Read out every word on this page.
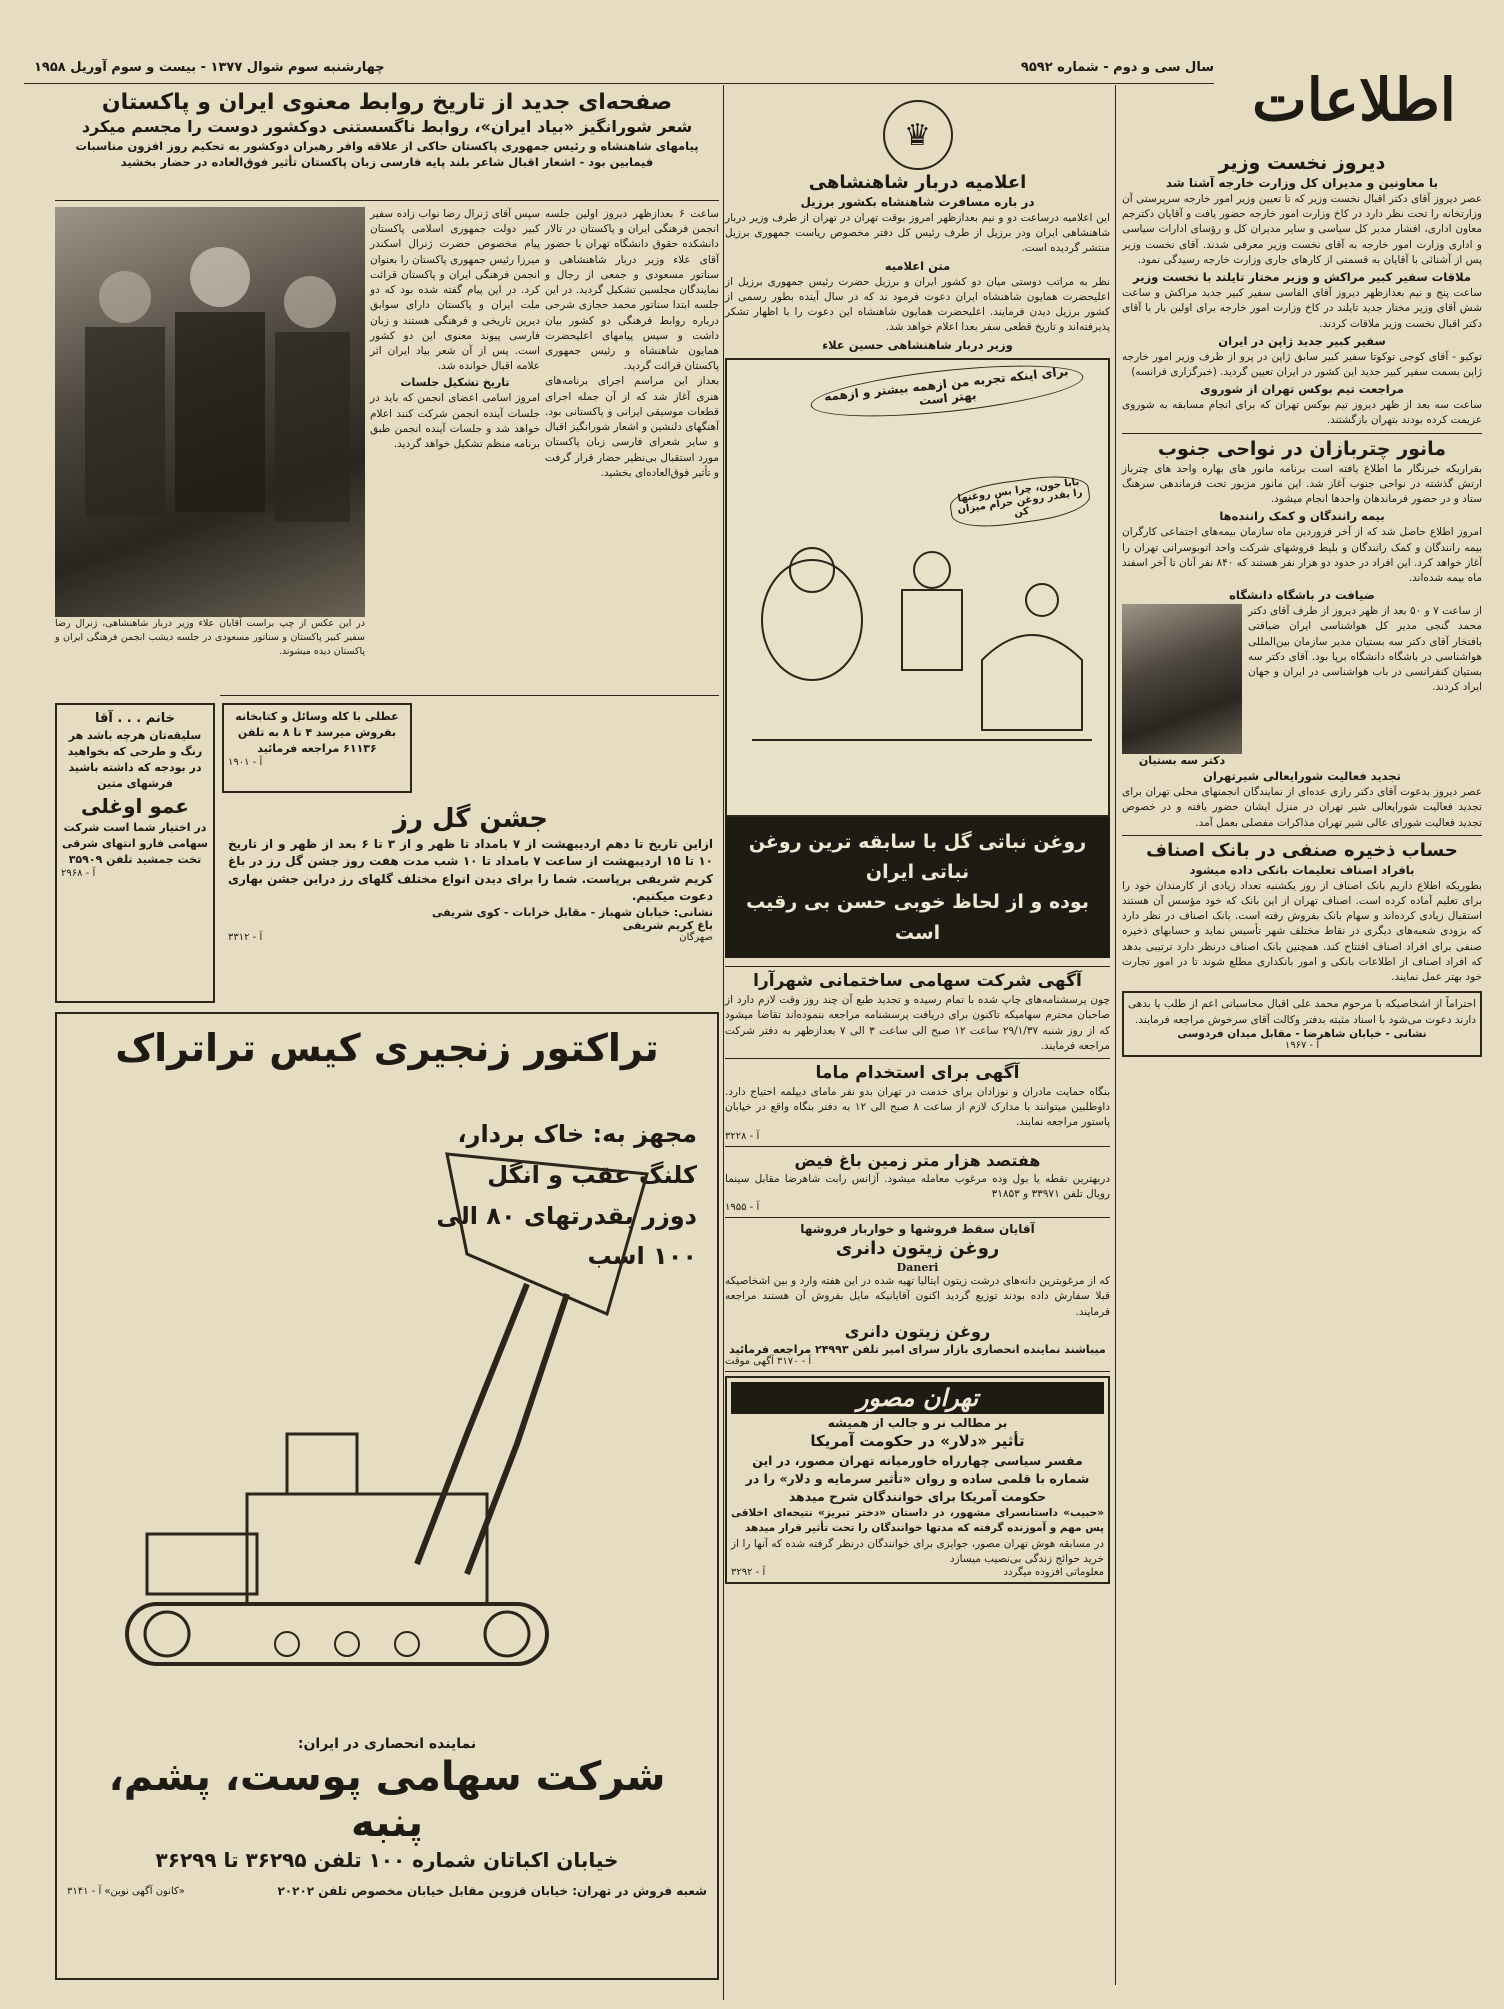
اطلاعات
سال سی و دوم - شماره ۹۵۹۲
چهارشنبه سوم شوال ۱۳۷۷ - بیست و سوم آوریل ۱۹۵۸
دیروز نخست وزیر
با معاونین و مدیران کل وزارت خارجه آشنا شد

عصر دیروز آقای دکتر اقبال نخست وزیر که تا تعیین وزیر امور خارجه سرپرستی آن وزارتخانه را تحت نظر دارد در کاخ وزارت امور خارجه حضور یافت و آقایان دکترجم معاون اداری، افشار مدیر کل سیاسی و سایر مدیران کل و رؤسای ادارات سیاسی و اداری وزارت امور خارجه به آقای نخست وزیر معرفی شدند. آقای نخست وزیر پس از آشنائی با آقایان به قسمتی از کارهای جاری وزارت خارجه رسیدگی نمود.

ملاقات سفیر کبیر مراکش و وزیر مختار تایلند با نخست وزیر

ساعت پنج و نیم بعدازظهر دیروز آقای الفاسی سفیر کبیر جدید مراکش و ساعت شش آقای وزیر مختار جدید تایلند در کاخ وزارت امور خارجه برای اولین بار با آقای دکتر اقبال نخست وزیر ملاقات کردند.

سفیر کبیر جدید ژاپن در ایران

توکیو - آقای کوجی توکوتا سفیر کبیر سابق ژاپن در پرو از طرف وزیر امور خارجه ژاپن بسمت سفیر کبیر جدید این کشور در ایران تعیین گردید. (خبرگزاری فرانسه)

مراجعت تیم بوکس تهران از شوروی

ساعت سه بعد از ظهر دیروز تیم بوکس تهران که برای انجام مسابقه به شوروی عزیمت کرده بودند بتهران بازگشتند.

مانور چتربازان در نواحی جنوب

بقراریکه خبرنگار ما اطلاع یافته است برنامه مانور های بهاره واحد های چترباز ارتش گذشته در نواحی جنوب آغاز شد. این مانور مزبور تحت فرماندهی سرهنگ ستاد و در حضور فرماندهان واحدها انجام میشود.

بیمه رانندگان و کمک راننده‌ها

امروز اطلاع حاصل شد که از آخر فروردین ماه سازمان بیمه‌های اجتماعی کارگران بیمه رانندگان و کمک رانندگان و بلیط فروشهای شرکت واحد اتوبوسرانی تهران را آغاز خواهد کرد. این افراد در حدود دو هزار نفر هستند که ۸۴۰ نفر آنان تا آخر اسفند ماه بیمه شده‌اند.

ضیافت در باشگاه دانشگاه

از ساعت ۷ و ۵۰ بعد از ظهر دیروز از طرف آقای دکتر محمد گنجی مدیر کل هواشناسی ایران ضیافتی بافتخار آقای دکتر سه بستیان مدیر سازمان بین‌المللی هواشناسی در باشگاه دانشگاه برپا بود. آقای دکتر سه بستیان کنفرانسی در باب هواشناسی در ایران و جهان ایراد کردند.

دکتر سه بستیان
تجدید فعالیت شورایعالی شیرتهران

عصر دیروز بدعوت آقای دکتر رازی عده‌ای از نمایندگان انجمنهای محلی تهران برای تجدید فعالیت شورایعالی شیر تهران در منزل ایشان حضور یافته و در خصوص تجدید فعالیت شورای عالی شیر تهران مذاکرات مفصلی بعمل آمد.

حساب ذخیره صنفی در بانک اصناف
بافراد اصناف تعلیمات بانکی داده میشود

بطوریکه اطلاع داریم بانک اصناف از روز یکشنبه تعداد زیادی از کارمندان خود را برای تعلیم آماده کرده است. اصناف تهران از این بانک که خود مؤسس آن هستند استقبال زیادی کرده‌اند و سهام بانک بفروش رفته است. بانک اصناف در نظر دارد که بزودی شعبه‌های دیگری در نقاط مختلف شهر تأسیس نماید و حسابهای ذخیره صنفی برای افراد اصناف افتتاح کند. همچنین بانک اصناف درنظر دارد ترتیبی بدهد که افراد اصناف از اطلاعات بانکی و امور بانکداری مطلع شوند تا در امور تجارت خود بهتر عمل نمایند.

احتراماً از اشخاصیکه با مرحوم محمد علی اقبال محاسباتی اعم از طلب یا بدهی دارند دعوت می‌شود با اسناد مثبته بدفتر وکالت آقای سرخوش مراجعه فرمایند.

نشانی - خیابان شاهرضا - مقابل میدان فردوسی
آ - ۱۹۶۷
♛
اعلامیه دربار شاهنشاهی
در باره مسافرت شاهنشاه بکشور برزیل

این اعلامیه درساعت دو و نیم بعدازظهر امروز بوقت تهران در تهران از طرف وزیر دربار شاهنشاهی ایران ودر برزیل از طرف رئیس کل دفتر مخصوص ریاست جمهوری برزیل منتشر گردیده است.

متن اعلامیه

نظر به مراتب دوستی میان دو کشور ایران و برزیل حضرت رئیس جمهوری برزیل از اعلیحضرت همایون شاهنشاه ایران دعوت فرمود ند که در سال آینده بطور رسمی از کشور برزیل دیدن فرمایند. اعلیحضرت همایون شاهنشاه این دعوت را با اظهار تشکر پذیرفته‌اند و تاریخ قطعی سفر بعدا اعلام خواهد شد.

وزیر دربار شاهنشاهی حسین علاء
برای اینکه تجربه من ازهمه بیشتر و ازهمه بهتر است
بابا جون، چرا بس روغنها را بقدر روغن حرام میزان کن
روغن نباتی گل با سابقه ترین روغن نباتی ایران
بوده و از لحاظ خوبی حسن بی رقیب است
آگهی شرکت سهامی ساختمانی شهرآرا

چون پرسشنامه‌های چاپ شده با تمام رسیده و تجدید طبع آن چند روز وقت لازم دارد از صاحبان محترم سهامیکه تاکنون برای دریافت پرسشنامه مراجعه ننموده‌اند تقاضا میشود که از روز شنبه ۲۹/۱/۳۷ ساعت ۱۲ صبح الی ساعت ۳ الی ۷ بعدازظهر به دفتر شرکت مراجعه فرمایند.

آگهی برای استخدام ماما

بنگاه حمایت مادران و نوزادان برای خدمت در تهران بدو نفر مامای دیپلمه احتیاج دارد. داوطلبین میتوانند با مدارک لازم از ساعت ۸ صبح الی ۱۲ به دفتر بنگاه واقع در خیابان پاستور مراجعه نمایند.

آ - ۳۲۲۸
هفتصد هزار متر زمین باغ فیض

دربهترین نقطه یا بول وده مرغوب معامله میشود. آژانس رابت شاهرضا مقابل سینما رویال تلفن ۳۳۹۷۱ و ۳۱۸۵۳

آ - ۱۹۵۵
آقایان سقط فروشها و خواربار فروشها
روغن زیتون دانری
Daneri

که از مرغوبترین دانه‌های درشت زیتون ایتالیا تهیه شده در این هفته وارد و بین اشخاصیکه قبلا سفارش داده بودند توزیع گردید اکنون آقایانیکه مایل بفروش آن هستند مراجعه فرمایند.

روغن زیتون دانری
میباشند نماینده انحصاری بازار سرای امیر تلفن ۲۴۹۹۳ مراجعه فرمائید
آ - ۳۱۷۰ آگهی موقت
تهران مصور
بر مطالب نر و جالب از همیشه
تأثیر «دلار» در حکومت آمریکا

مفسر سیاسی چهارراه خاورمیانه تهران مصور، در این شماره با قلمی ساده و روان «تأثیر سرمایه و دلار» را در حکومت آمریکا برای خوانندگان شرح میدهد

«حبیب» داستانسرای مشهور، در داستان «دختر تبریز» نتیجه‌ای اخلاقی پس مهم و آموزنده گرفته که مدتها خوانندگان را تحت تأثیر قرار میدهد

در مسابقه هوش تهران مصور، جوایزی برای خوانندگان درنظر گرفته شده که آنها را از خرید حوائج زندگی بی‌نصیب میسازد

معلوماتی افزوده میگردد
آ - ۳۲۹۲
صفحه‌ای جدید از تاریخ روابط معنوی ایران و پاکستان
شعر شورانگیز «بیاد ایران»، روابط ناگسستنی دوکشور دوست را مجسم میکرد
پیامهای شاهنشاه و رئیس جمهوری پاکستان حاکی از علاقه وافر رهبران دوکشور به تحکیم روز افزون مناسبات فیمابین بود - اشعار اقبال شاعر بلند پایه فارسی زبان پاکستان تأثیر فوق‌العاده در حضار بخشید

در این عکس از چپ براست آقایان علاء وزیر دربار شاهنشاهی، ژنرال رضا سفیر کبیر پاکستان و سناتور مسعودی در جلسه دیشب انجمن فرهنگی ایران و پاکستان دیده میشوند.

سپس آقای ژنرال رضا نواب زاده سفیر کبیر دولت جمهوری اسلامی پاکستان پیام مخصوص حضرت ژنرال اسکندر میرزا رئیس جمهوری پاکستان را بعنوان انجمن فرهنگی ایران و پاکستان قرائت کرد. در این پیام گفته شده بود که دو ملت ایران و پاکستان دارای سوابق دیرین تاریخی و فرهنگی هستند و زبان فارسی پیوند معنوی این دو کشور است. پس از آن شعر بیاد ایران اثر علامه اقبال خوانده شد.

تاریخ تشکیل جلسات

امروز اسامی اعضای انجمن که باید در جلسات آینده انجمن شرکت کنند اعلام خواهد شد و جلسات آینده انجمن طبق برنامه منظم تشکیل خواهد گردید.

ساعت ۶ بعدازظهر دیروز اولین جلسه انجمن فرهنگی ایران و پاکستان در تالار دانشکده حقوق دانشگاه تهران با حضور آقای علاء وزیر دربار شاهنشاهی و سناتور مسعودی و جمعی از رجال و نمایندگان مجلسین تشکیل گردید. در این جلسه ابتدا سناتور محمد حجازی شرحی درباره روابط فرهنگی دو کشور بیان داشت و سپس پیامهای اعلیحضرت همایون شاهنشاه و رئیس جمهوری پاکستان قرائت گردید.

بعداز این مراسم اجرای برنامه‌های هنری آغاز شد که از آن جمله اجرای قطعات موسیقی ایرانی و پاکستانی بود. آهنگهای دلنشین و اشعار شورانگیز اقبال و سایر شعرای فارسی زبان پاکستان مورد استقبال بی‌نظیر حضار قرار گرفت و تأثیر فوق‌العاده‌ای بخشید.

خانم . . . آقا

سلیقه‌تان هرچه باشد هر رنگ و طرحی که بخواهید در بودجه که داشته باشید فرشهای متین

عمو اوغلی

در اختیار شما است شرکت سهامی فارو انتهای شرقی تخت جمشید تلفن ۳۵۹۰۹

آ - ۲۹۶۸

عطلی با کله وسائل و کتابخانه بفروش میرسد ۴ تا ۸ به تلفن ۶۱۱۳۶ مراجعه فرمائید

آ - ۱۹۰۱
جشن گل رز

ازاین تاریخ تا دهم اردیبهشت از ۷ بامداد تا ظهر و از ۳ تا ۶ بعد از ظهر و از تاریخ ۱۰ تا ۱۵ اردیبهشت از ساعت ۷ بامداد تا ۱۰ شب مدت هفت روز جشن گل رز در باغ کریم شریفی برپاست. شما را برای دیدن انواع مختلف گلهای رز دراین جشن بهاری دعوت میکنیم.

نشانی: خیابان شهباز - مقابل خرابات - کوی شریفی
باغ کریم شریفی
صهرگان
آ - ۳۳۱۲
تراکتور زنجیری کیس تراتراک
مجهز به: خاک بردار، کلنگ عقب و انگل دوزر بقدرتهای ۸۰ الی ۱۰۰ اسب
نماینده انحصاری در ایران:
شرکت سهامی پوست، پشم، پنبه
خیابان اکباتان شماره ۱۰۰ تلفن ۳۶۲۹۵ تا ۳۶۲۹۹
شعبه فروش در تهران: خیابان قزوین مقابل خیابان مخصوص تلفن ۲۰۲۰۲
«کانون آگهی نوین» آ - ۳۱۴۱
